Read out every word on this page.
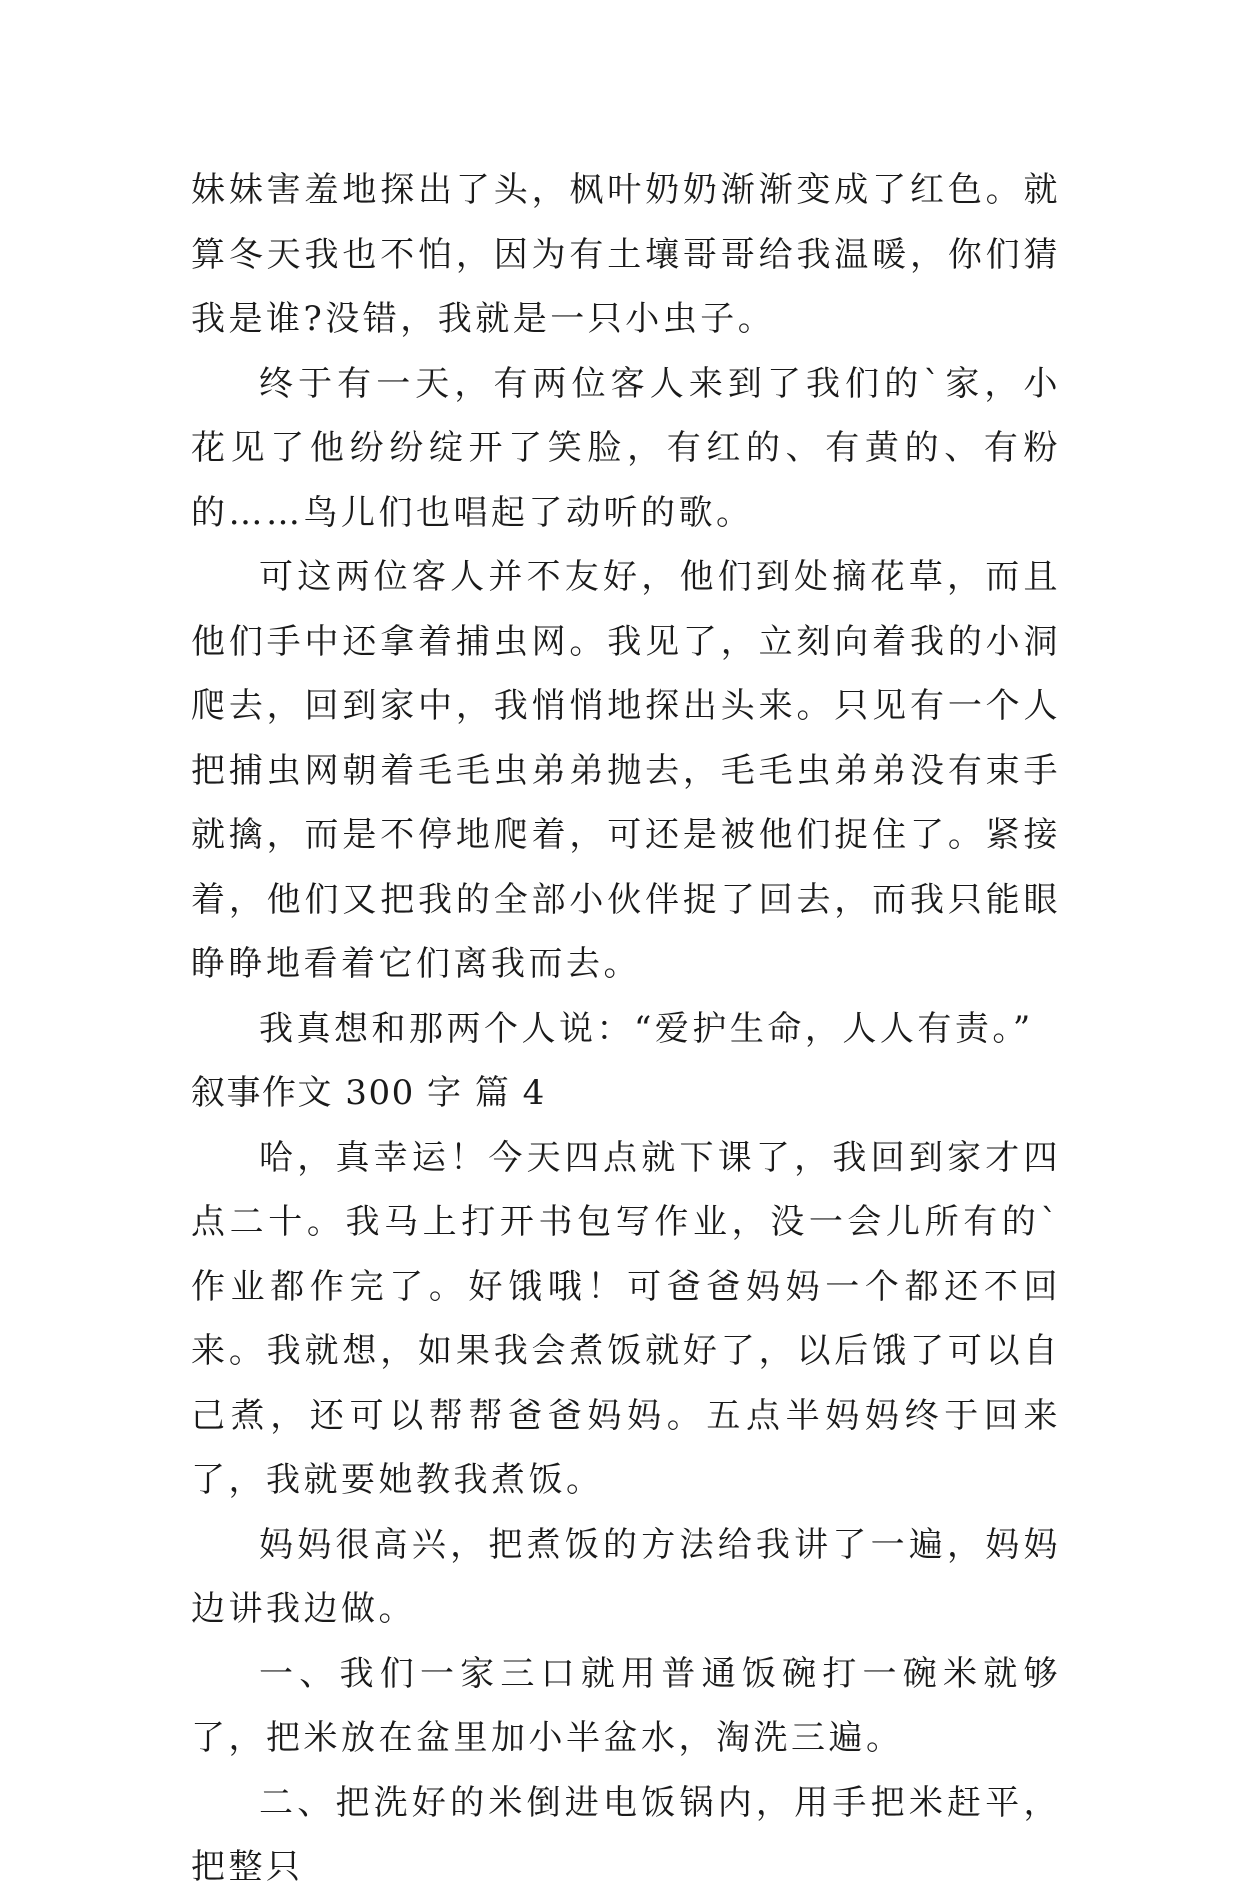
妹妹害羞地探出了头，枫叶奶奶渐渐变成了红色。就算冬天我也不怕，因为有土壤哥哥给我温暖，你们猜我是谁?没错，我就是一只小虫子。

终于有一天，有两位客人来到了我们的`家，小花见了他纷纷绽开了笑脸，有红的、有黄的、有粉的……鸟儿们也唱起了动听的歌。

可这两位客人并不友好，他们到处摘花草，而且他们手中还拿着捕虫网。我见了，立刻向着我的小洞爬去，回到家中，我悄悄地探出头来。只见有一个人把捕虫网朝着毛毛虫弟弟抛去，毛毛虫弟弟没有束手就擒，而是不停地爬着，可还是被他们捉住了。紧接着，他们又把我的全部小伙伴捉了回去，而我只能眼睁睁地看着它们离我而去。

我真想和那两个人说：“爱护生命，人人有责。”

叙事作文 300 字 篇 4

哈，真幸运！今天四点就下课了，我回到家才四点二十。我马上打开书包写作业，没一会儿所有的`作业都作完了。好饿哦！可爸爸妈妈一个都还不回来。我就想，如果我会煮饭就好了，以后饿了可以自己煮，还可以帮帮爸爸妈妈。五点半妈妈终于回来了，我就要她教我煮饭。

妈妈很高兴，把煮饭的方法给我讲了一遍，妈妈边讲我边做。

一、我们一家三口就用普通饭碗打一碗米就够了，把米放在盆里加小半盆水，淘洗三遍。

二、把洗好的米倒进电饭锅内，用手把米赶平，把整只
